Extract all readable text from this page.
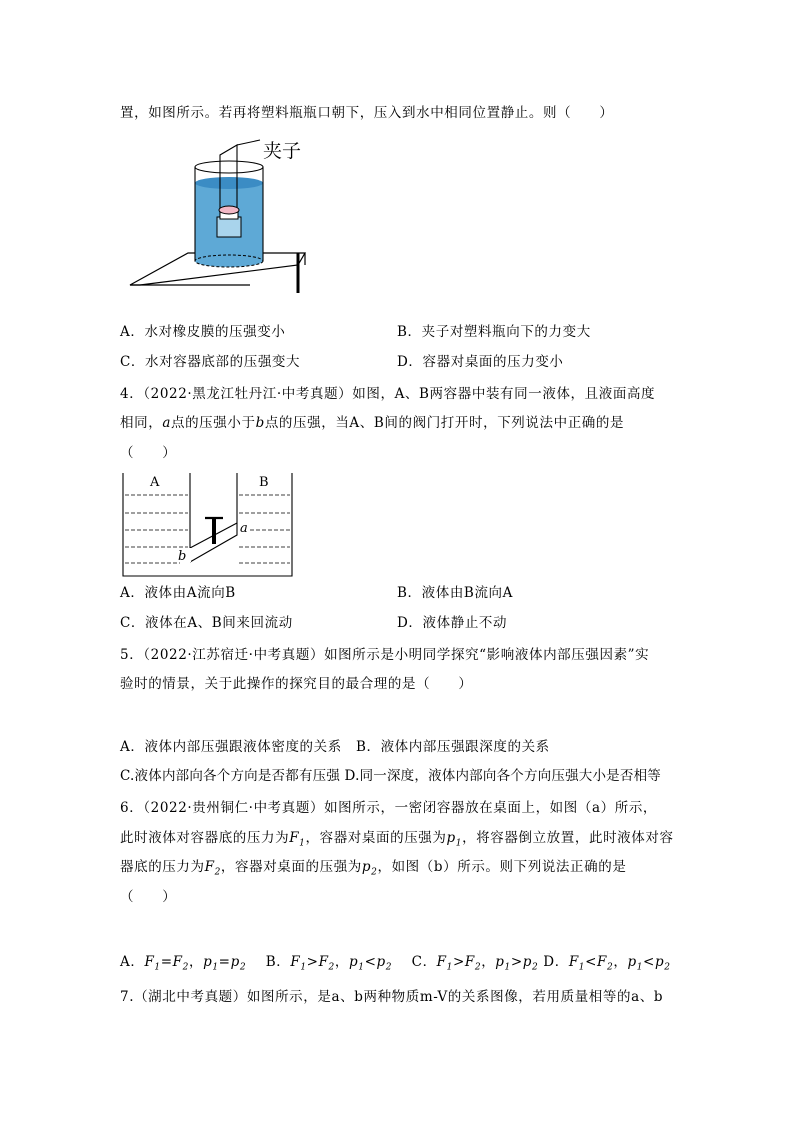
置，如图所示。若再将塑料瓶瓶口朝下，压入到水中相同位置静止。则（　　）
夹子
A．水对橡皮膜的压强变小	B．夹子对塑料瓶向下的力变大
C．水对容器底部的压强变大	D．容器对桌面的压力变小
4．（2022·黑龙江牡丹江·中考真题）如图，A、B两容器中装有同一液体，且液面高度
相同，a点的压强小于b点的压强，当A、B间的阀门打开时，下列说法中正确的是
（　　）
A	B
a
b
A．液体由A流向B	B．液体由B流向A
C．液体在A、B间来回流动	D．液体静止不动
5．（2022·江苏宿迁·中考真题）如图所示是小明同学探究“影响液体内部压强因素”实
验时的情景，关于此操作的探究目的最合理的是（　　）
A．液体内部压强跟液体密度的关系　B．液体内部压强跟深度的关系
C.液体内部向各个方向是否都有压强 D.同一深度，液体内部向各个方向压强大小是否相等
6．（2022·贵州铜仁·中考真题）如图所示，一密闭容器放在桌面上，如图（a）所示，
此时液体对容器底的压力为$F_1$，容器对桌面的压强为$p_1$，将容器倒立放置，此时液体对容
器底的压力为$F_2$，容器对桌面的压强为$p_2$，如图（b）所示。则下列说法正确的是
（　　）
A．$F_1=F_2$，$p_1=p_2$ B．$F_1>F_2$，$p_1<p_2$ C．$F_1>F_2$，$p_1>p_2$ D．$F_1<F_2$，$p_1<p_2$
7.（湖北中考真题）如图所示，是a、b两种物质m-V的关系图像，若用质量相等的a、b
